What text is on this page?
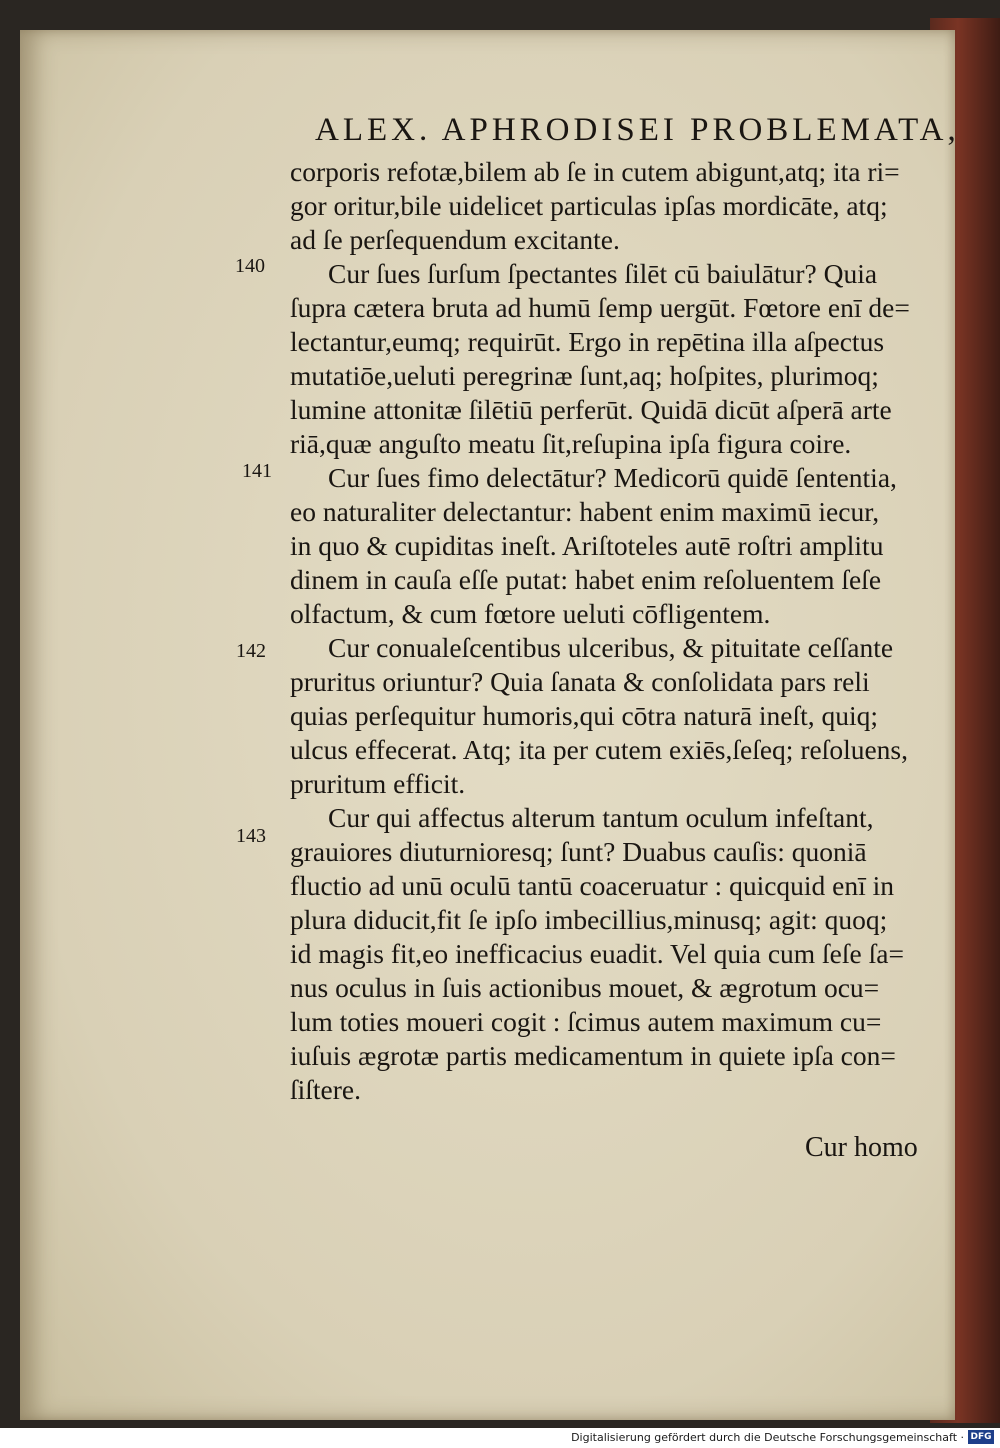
ALEX. APHRODISEI PROBLEMATA,
corporis refotæ,bilem ab ſe in cutem abigunt,atq; ita ri=
gor oritur,bile uidelicet particulas ipſas mordicāte, atq;
ad ſe perſequendum excitante.
Cur ſues ſurſum ſpectantes ſilēt cū baiulātur? Quia
ſupra cætera bruta ad humū ſemp uergūt. Fœtore enī de=
lectantur,eumq; requirūt. Ergo in repētina illa aſpectus
mutatiōe,ueluti peregrinæ ſunt,aq; hoſpites, plurimoq;
lumine attonitæ ſilētiū perferūt. Quidā dicūt aſperā arte
riā,quæ anguſto meatu ſit,reſupina ipſa figura coire.
Cur ſues fimo delectātur? Medicorū quidē ſententia,
eo naturaliter delectantur: habent enim maximū iecur,
in quo & cupiditas ineſt. Ariſtoteles autē roſtri amplitu
dinem in cauſa eſſe putat: habet enim reſoluentem ſeſe
olfactum, & cum fœtore ueluti cōfligentem.
Cur conualeſcentibus ulceribus, & pituitate ceſſante
pruritus oriuntur? Quia ſanata & conſolidata pars reli
quias perſequitur humoris,qui cōtra naturā ineſt, quiq;
ulcus effecerat. Atq; ita per cutem exiēs,ſeſeq; reſoluens,
pruritum efficit.
Cur qui affectus alterum tantum oculum infeſtant,
grauiores diuturnioresq; ſunt? Duabus cauſis: quoniā
fluctio ad unū oculū tantū coaceruatur : quicquid enī in
plura diducit,fit ſe ipſo imbecillius,minusq; agit: quoq;
id magis fit,eo inefficacius euadit. Vel quia cum ſeſe ſa=
nus oculus in ſuis actionibus mouet, & ægrotum ocu=
lum toties moueri cogit : ſcimus autem maximum cu=
iuſuis ægrotæ partis medicamentum in quiete ipſa con=
ſiſtere.
140
141
142
143
Cur homo
Digitalisierung gefördert durch die Deutsche Forschungsgemeinschaft · DFG
